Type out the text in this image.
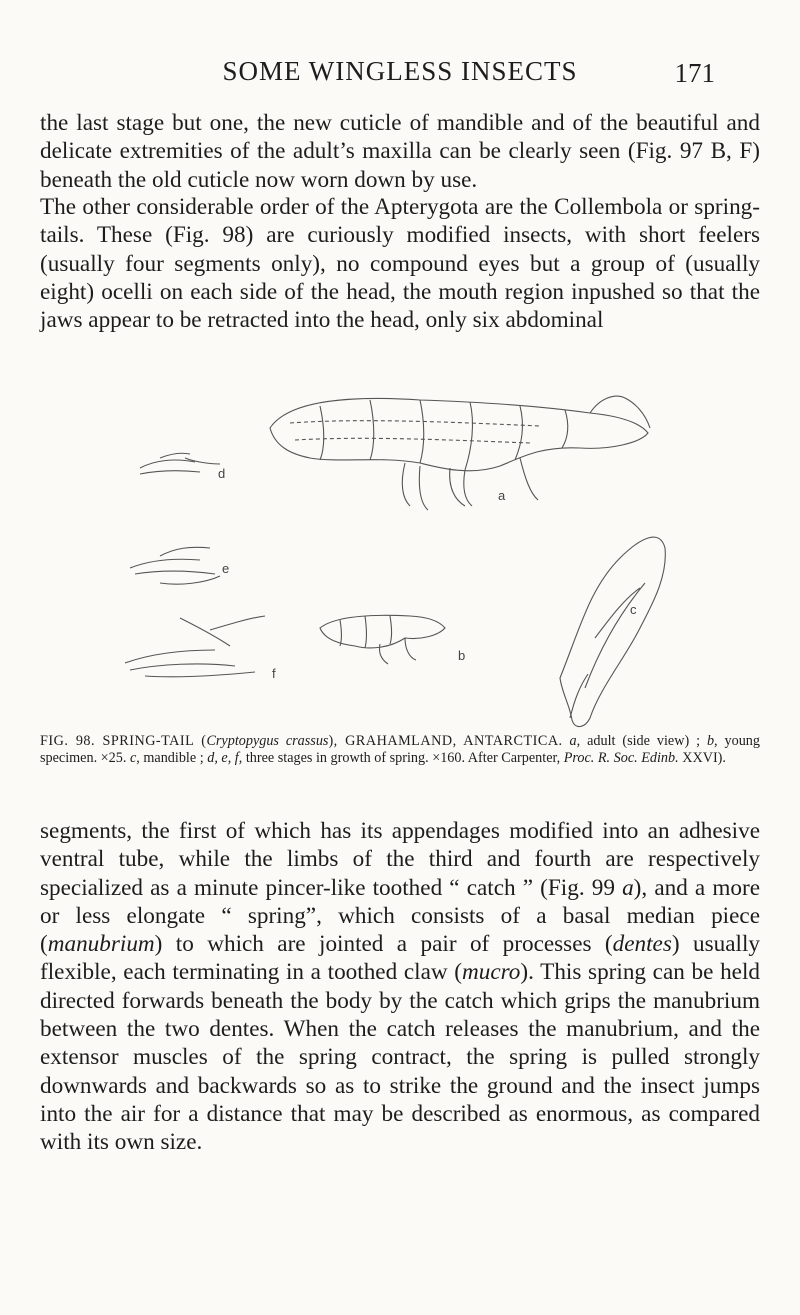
SOME WINGLESS INSECTS	171

the last stage but one, the new cuticle of mandible and of the beautiful and delicate extremities of the adult’s maxilla can be clearly seen (Fig. 97 B, F) beneath the old cuticle now worn down by use.

The other considerable order of the Apterygota are the Collembola or spring-tails. These (Fig. 98) are curiously modified insects, with short feelers (usually four segments only), no compound eyes but a group of (usually eight) ocelli on each side of the head, the mouth region inpushed so that the jaws appear to be retracted into the head, only six abdominal

d
e
f
a
b
c

FIG. 98. SPRING-TAIL (Cryptopygus crassus), GRAHAMLAND, ANTARCTICA. a, adult (side view) ; b, young specimen. ×25. c, mandible ; d, e, f, three stages in growth of spring. ×160. After Carpenter, Proc. R. Soc. Edinb. XXVI).

segments, the first of which has its appendages modified into an adhesive ventral tube, while the limbs of the third and fourth are respectively specialized as a minute pincer-like toothed “ catch ” (Fig. 99 a), and a more or less elongate “ spring”, which consists of a basal median piece (manubrium) to which are jointed a pair of processes (dentes) usually flexible, each terminating in a toothed claw (mucro). This spring can be held directed forwards beneath the body by the catch which grips the manubrium between the two dentes. When the catch releases the manubrium, and the extensor muscles of the spring contract, the spring is pulled strongly downwards and backwards so as to strike the ground and the insect jumps into the air for a distance that may be described as enormous, as compared with its own size.
